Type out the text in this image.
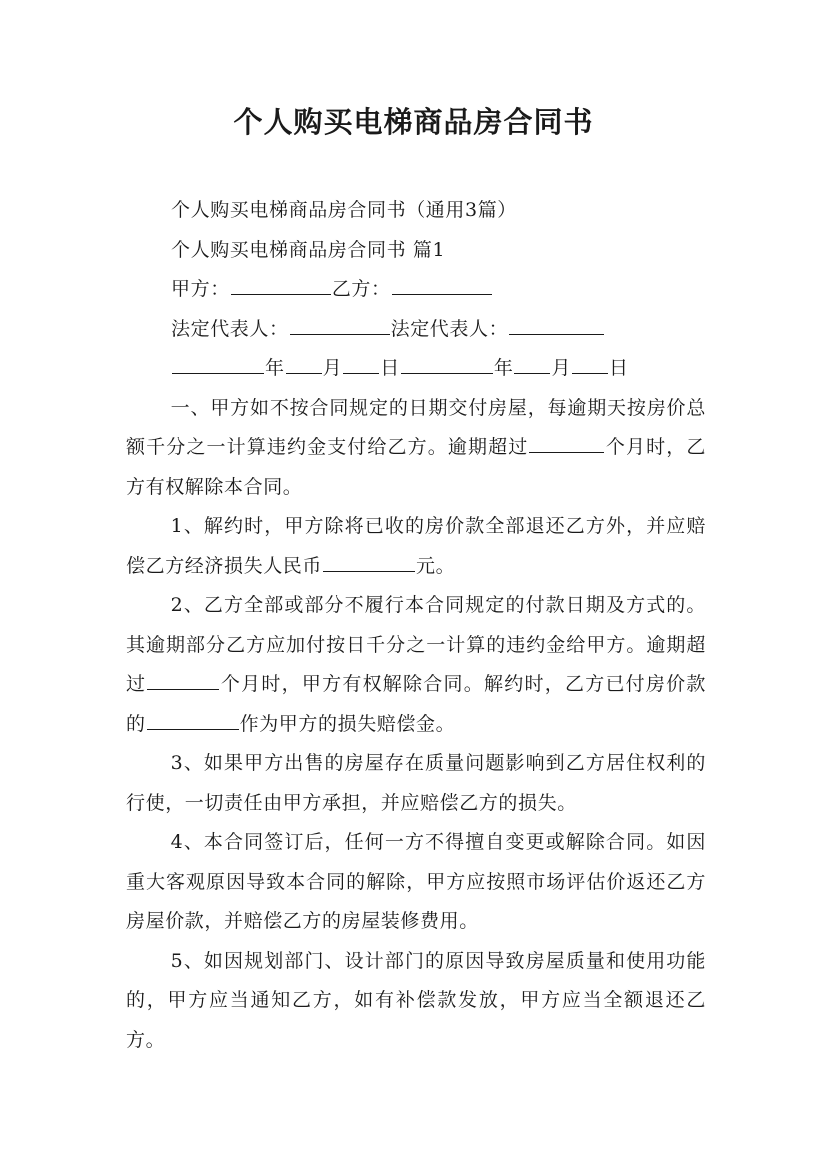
个人购买电梯商品房合同书
个人购买电梯商品房合同书（通用3篇）
个人购买电梯商品房合同书 篇1
甲方：	乙方：
法定代表人：	法定代表人：
年 月 日	年 月 日

一、甲方如不按合同规定的日期交付房屋，每逾期天按房价总额千分之一计算违约金支付给乙方。逾期超过	个月时，乙方有权解除本合同。

1、解约时，甲方除将已收的房价款全部退还乙方外，并应赔偿乙方经济损失人民币	元。

2、乙方全部或部分不履行本合同规定的付款日期及方式的。其逾期部分乙方应加付按日千分之一计算的违约金给甲方。逾期超过	个月时，甲方有权解除合同。解约时，乙方已付房价款的	作为甲方的损失赔偿金。

3、如果甲方出售的房屋存在质量问题影响到乙方居住权利的行使，一切责任由甲方承担，并应赔偿乙方的损失。

4、本合同签订后，任何一方不得擅自变更或解除合同。如因重大客观原因导致本合同的解除，甲方应按照市场评估价返还乙方房屋价款，并赔偿乙方的房屋装修费用。

5、如因规划部门、设计部门的原因导致房屋质量和使用功能的，甲方应当通知乙方，如有补偿款发放，甲方应当全额退还乙方。
